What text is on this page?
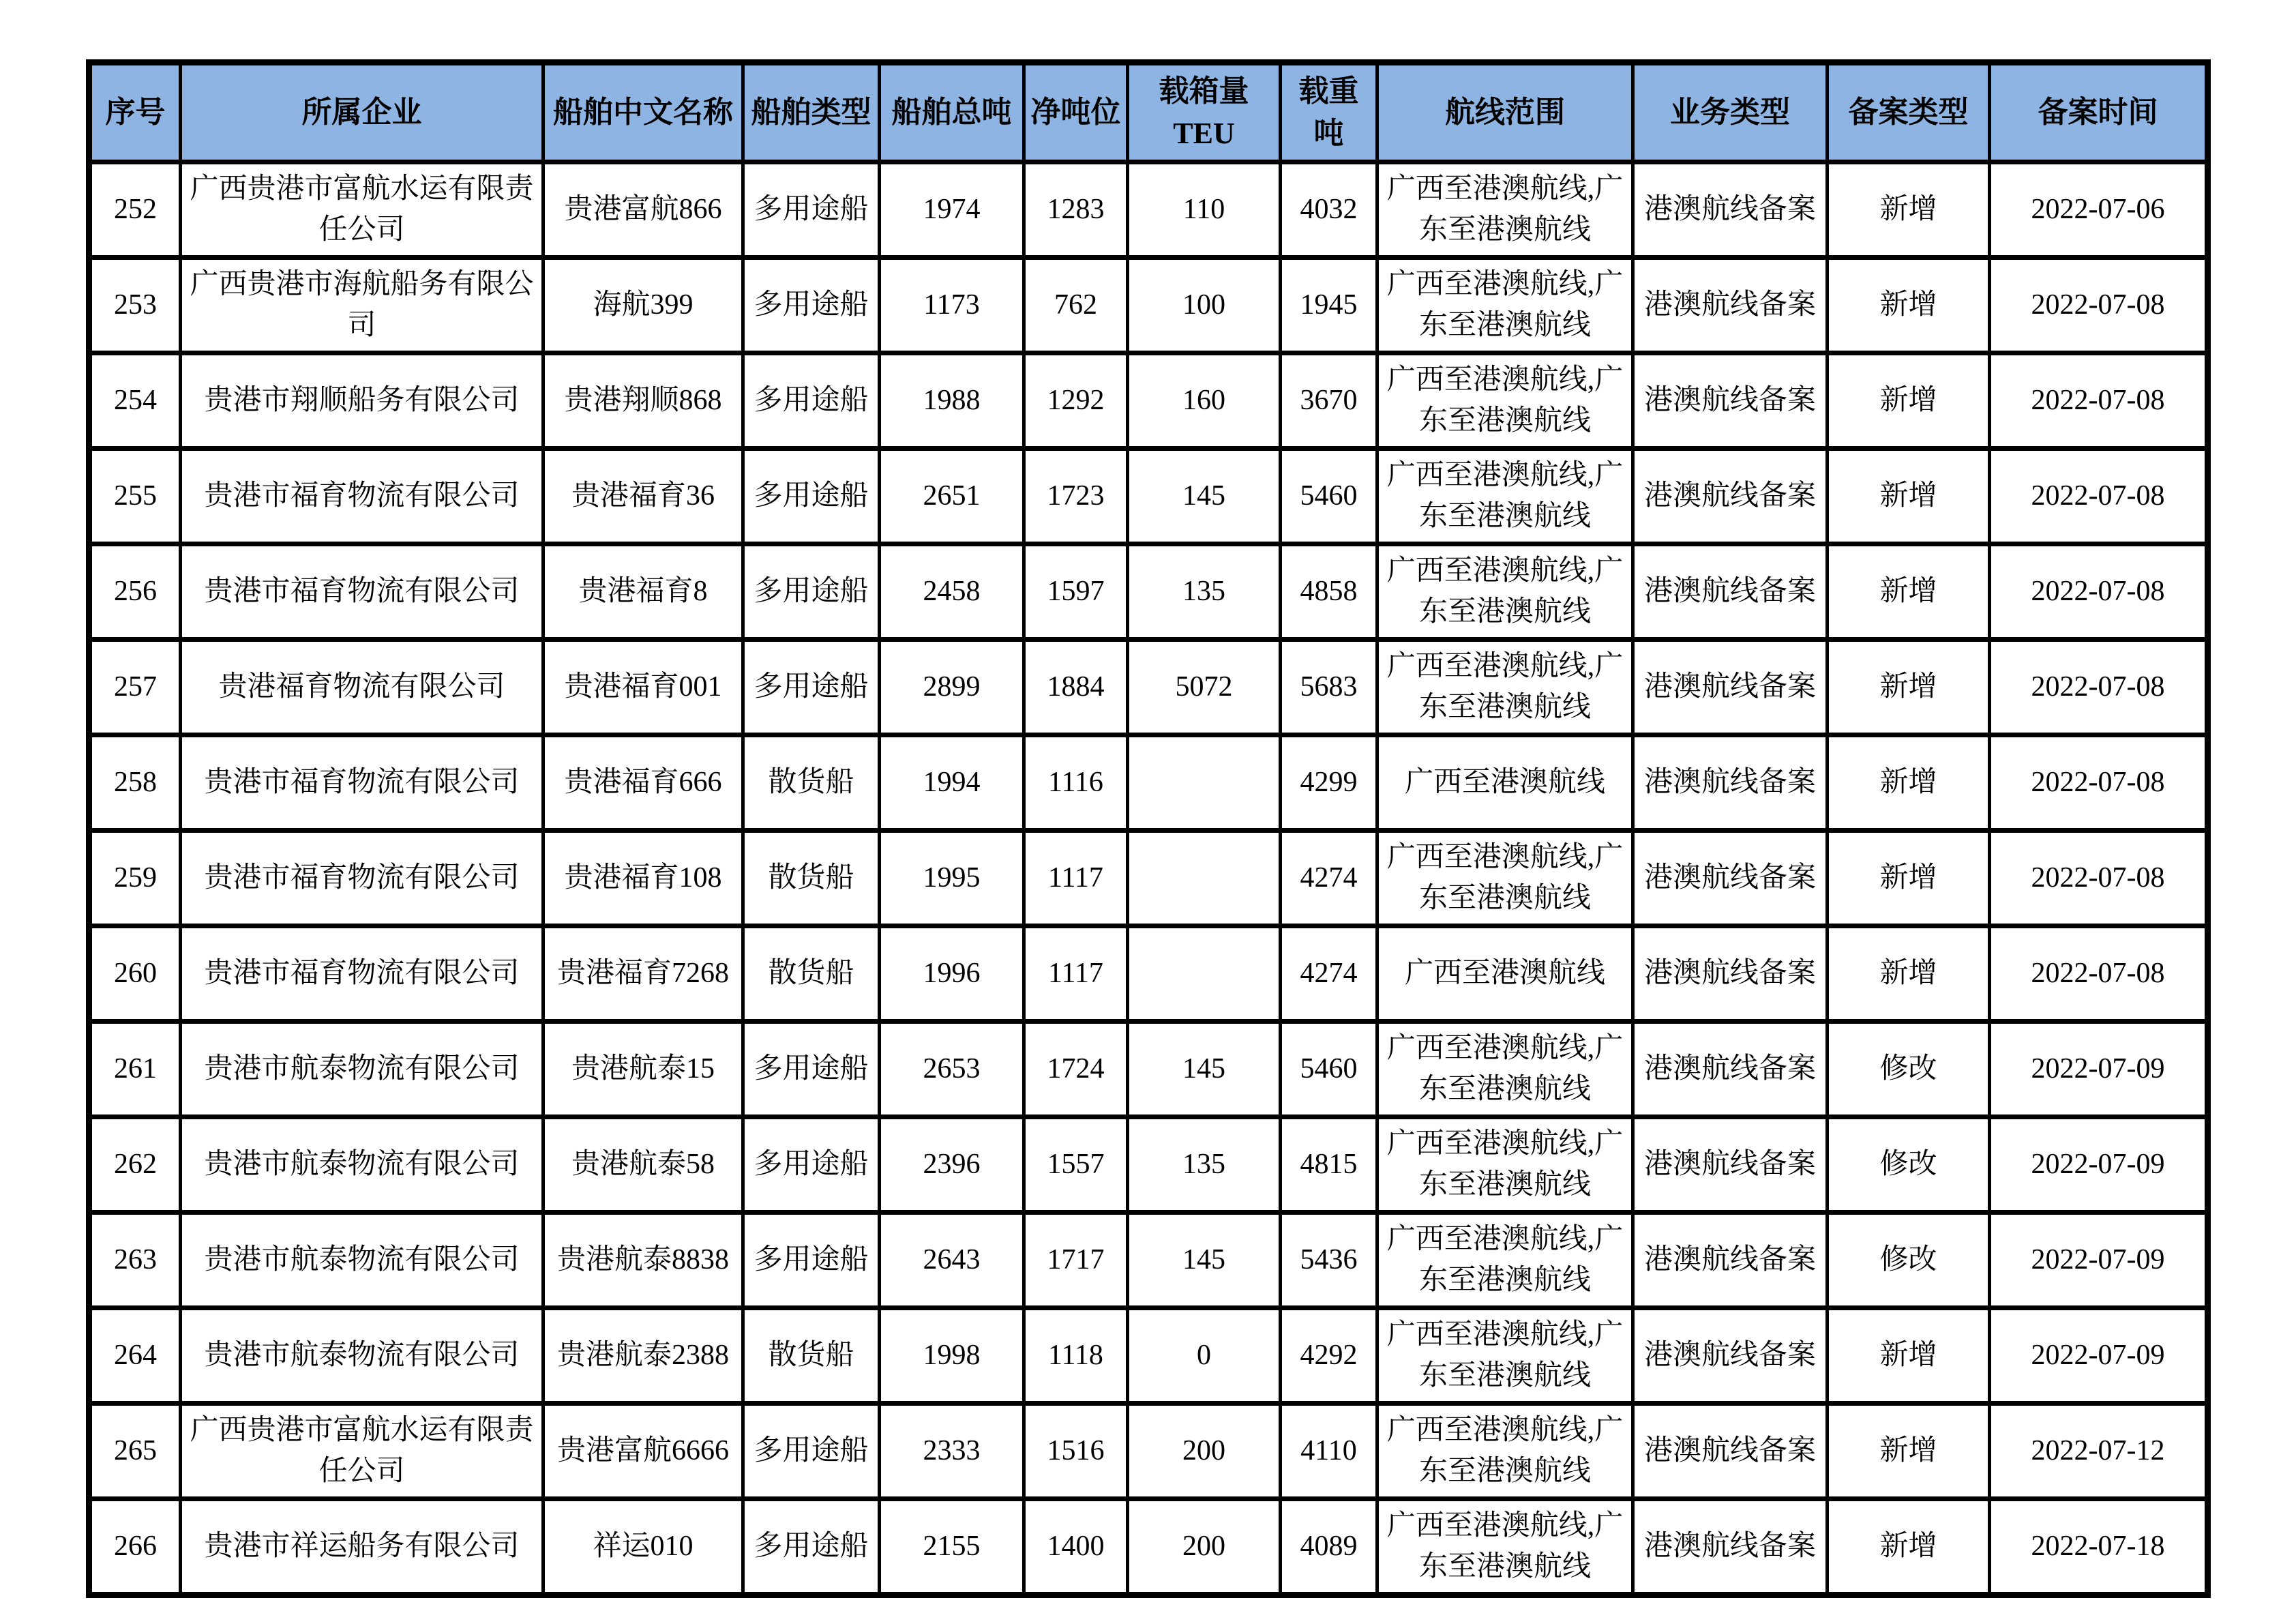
序号	所属企业	船舶中文名称	船舶类型	船舶总吨	净吨位	载箱量TEU	载重吨	航线范围	业务类型	备案类型	备案时间
252	广西贵港市富航水运有限责任公司	贵港富航866	多用途船	1974	1283	110	4032	广西至港澳航线,广东至港澳航线	港澳航线备案	新增	2022-07-06
253	广西贵港市海航船务有限公司	海航399	多用途船	1173	762	100	1945	广西至港澳航线,广东至港澳航线	港澳航线备案	新增	2022-07-08
254	贵港市翔顺船务有限公司	贵港翔顺868	多用途船	1988	1292	160	3670	广西至港澳航线,广东至港澳航线	港澳航线备案	新增	2022-07-08
255	贵港市福育物流有限公司	贵港福育36	多用途船	2651	1723	145	5460	广西至港澳航线,广东至港澳航线	港澳航线备案	新增	2022-07-08
256	贵港市福育物流有限公司	贵港福育8	多用途船	2458	1597	135	4858	广西至港澳航线,广东至港澳航线	港澳航线备案	新增	2022-07-08
257	贵港福育物流有限公司	贵港福育001	多用途船	2899	1884	5072	5683	广西至港澳航线,广东至港澳航线	港澳航线备案	新增	2022-07-08
258	贵港市福育物流有限公司	贵港福育666	散货船	1994	1116		4299	广西至港澳航线	港澳航线备案	新增	2022-07-08
259	贵港市福育物流有限公司	贵港福育108	散货船	1995	1117		4274	广西至港澳航线,广东至港澳航线	港澳航线备案	新增	2022-07-08
260	贵港市福育物流有限公司	贵港福育7268	散货船	1996	1117		4274	广西至港澳航线	港澳航线备案	新增	2022-07-08
261	贵港市航泰物流有限公司	贵港航泰15	多用途船	2653	1724	145	5460	广西至港澳航线,广东至港澳航线	港澳航线备案	修改	2022-07-09
262	贵港市航泰物流有限公司	贵港航泰58	多用途船	2396	1557	135	4815	广西至港澳航线,广东至港澳航线	港澳航线备案	修改	2022-07-09
263	贵港市航泰物流有限公司	贵港航泰8838	多用途船	2643	1717	145	5436	广西至港澳航线,广东至港澳航线	港澳航线备案	修改	2022-07-09
264	贵港市航泰物流有限公司	贵港航泰2388	散货船	1998	1118	0	4292	广西至港澳航线,广东至港澳航线	港澳航线备案	新增	2022-07-09
265	广西贵港市富航水运有限责任公司	贵港富航6666	多用途船	2333	1516	200	4110	广西至港澳航线,广东至港澳航线	港澳航线备案	新增	2022-07-12
266	贵港市祥运船务有限公司	祥运010	多用途船	2155	1400	200	4089	广西至港澳航线,广东至港澳航线	港澳航线备案	新增	2022-07-18
